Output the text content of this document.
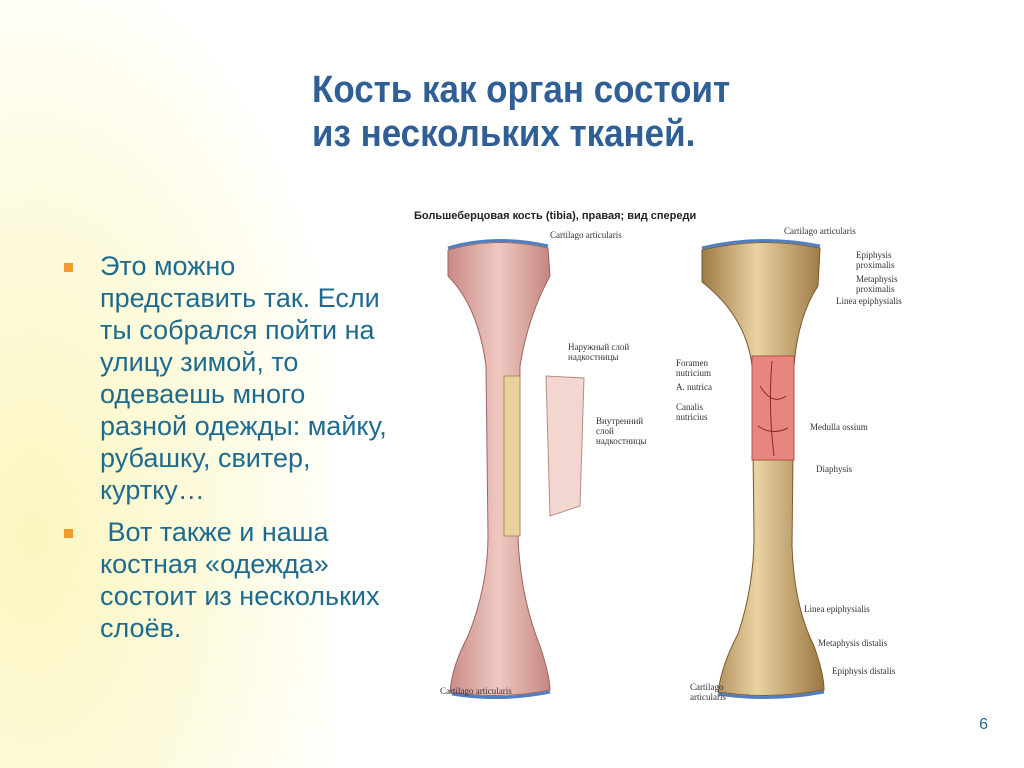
Кость как орган состоит
из нескольких тканей.
Это можно представить так. Если ты собрался пойти на улицу зимой, то одеваешь много разной одежды: майку, рубашку, свитер, куртку…
Вот также и наша костная «одежда» состоит из нескольких слоёв.
Большеберцовая кость (tibia), правая; вид спереди
Cartilago articularis
Наружный слой
надкостницы
Внутренний
слой
надкостницы
Cartilago articularis
Cartilago articularis
Epiphysis
proximalis
Metaphysis
proximalis
Linea epiphysialis
Foramen
nutricium
A. nutrica
Canalis
nutricius
Medulla ossium
Diaphysis
Linea epiphysialis
Metaphysis distalis
Epiphysis distalis
Cartilago
articularis
6
